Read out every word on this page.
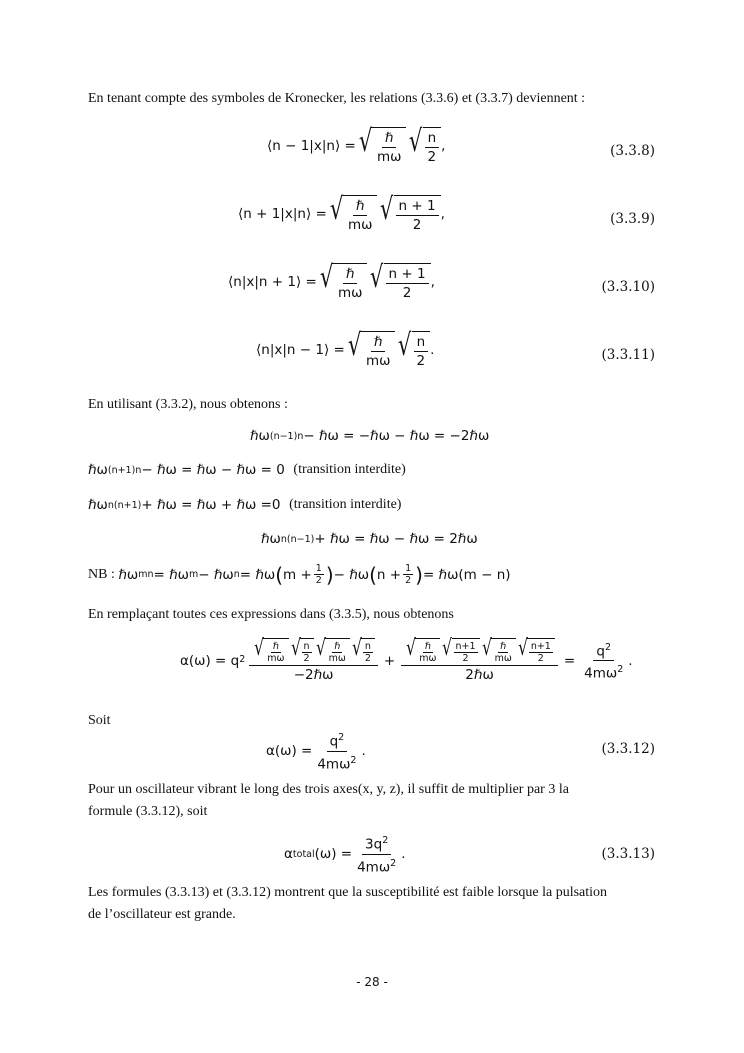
En tenant compte des symboles de Kronecker, les relations (3.3.6) et (3.3.7) deviennent :
⟨n − 1|x|n⟩ = √ $\frac{\text{ℏ}}{m\omega}$ √ $\frac{n}{2}$ ,	(3.3.8)
⟨n + 1|x|n⟩ = √ $\frac{\text{ℏ}}{m\omega}$ √ $\frac{n + 1}{2}$ ,	(3.3.9)
⟨n|x|n + 1⟩ = √ $\frac{\text{ℏ}}{m\omega}$ √ $\frac{n + 1}{2}$ ,	(3.3.10)
⟨n|x|n − 1⟩ = √ $\frac{\text{ℏ}}{m\omega}$ √ $\frac{n}{2}$ .	(3.3.11)
En utilisant (3.3.2), nous obtenons :
ℏω (n−1)n − ℏω = −ℏω − ℏω = −2ℏω
ℏω (n+1)n − ℏω = ℏω − ℏω = 0
(transition interdite)
ℏω n(n+1) + ℏω = ℏω + ℏω =0
(transition interdite)
ℏω n(n−1) + ℏω = ℏω − ℏω = 2ℏω
NB : ℏω mn = ℏω m − ℏω n = ℏω ( $m + \frac{1}{2}$ ) − ℏω ( $n + \frac{1}{2}$ ) = ℏω(m − n)
En remplaçant toutes ces expressions dans (3.3.5), nous obtenons
α(ω) = q $2 \frac{√ \frac{\text{ℏ}}{m\omega} √ \frac{n}{2} √ \frac{\text{ℏ}}{m\omega} √ \frac{n}{2}}{\text{−2ℏω}} + \frac{√ \frac{\text{ℏ}}{m\omega} √ \frac{n+1}{2} √ \frac{\text{ℏ}}{m\omega} √ \frac{n+1}{2}}{\text{2ℏω}} = \frac{q^2}{4m\omega^2}$ .
Soit
$\alpha(\omega) = \frac{q^2}{4m\omega^2}$ .	(3.3.12)
Pour un oscillateur vibrant le long des trois axes(x, y, z), il suffit de multiplier par 3 la
formule (3.3.12), soit
α total $(\omega) = \frac{3q^2}{4m\omega^2}$ .	(3.3.13)
Les formules (3.3.13) et (3.3.12) montrent que la susceptibilité est faible lorsque la pulsation
de l’oscillateur est grande.
- 28 -
